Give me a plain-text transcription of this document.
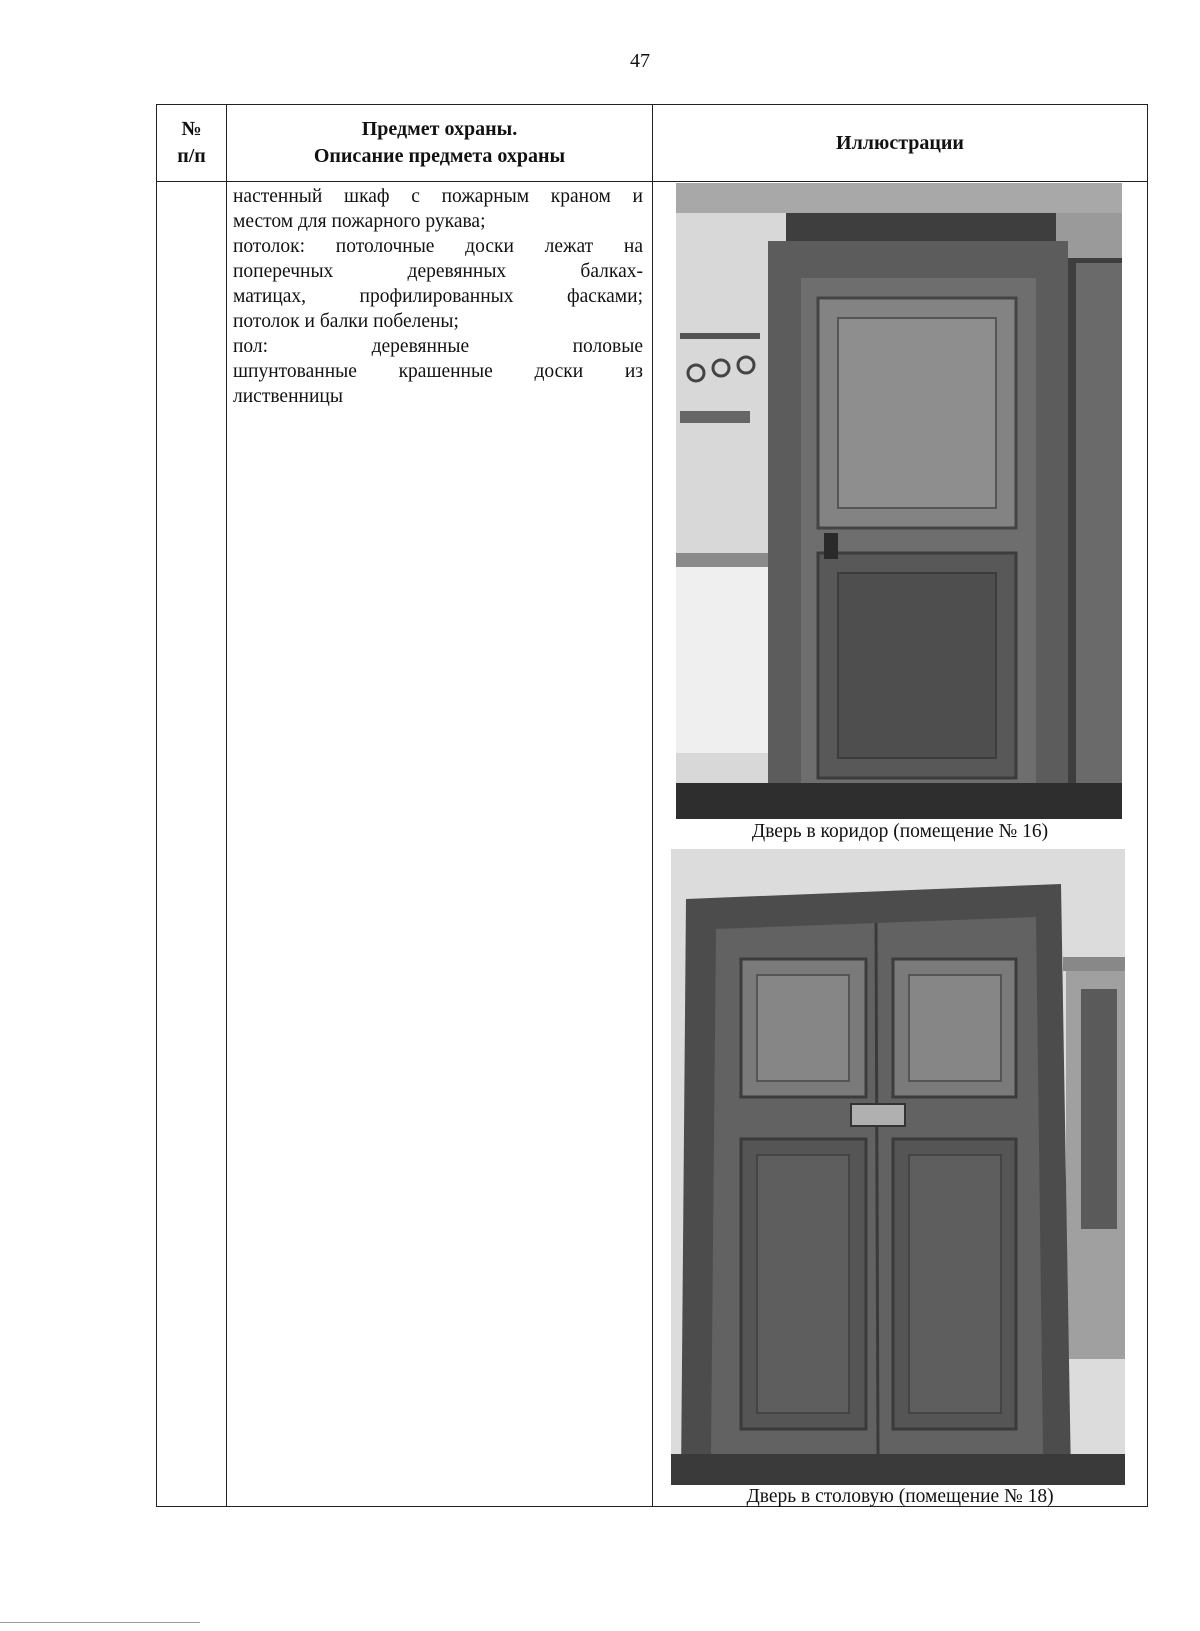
47
№
п/п
Предмет охраны.
Описание предмета охраны
Иллюстрации

настенный шкаф с пожарным краном и

местом для пожарного рукава;

потолок: потолочные доски лежат на

поперечных деревянных балках-

матицах, профилированных фасками;

потолок и балки побелены;

пол: деревянные половые

шпунтованные крашенные доски из

лиственницы

Дверь в коридор (помещение № 16)
Дверь в столовую (помещение № 18)
